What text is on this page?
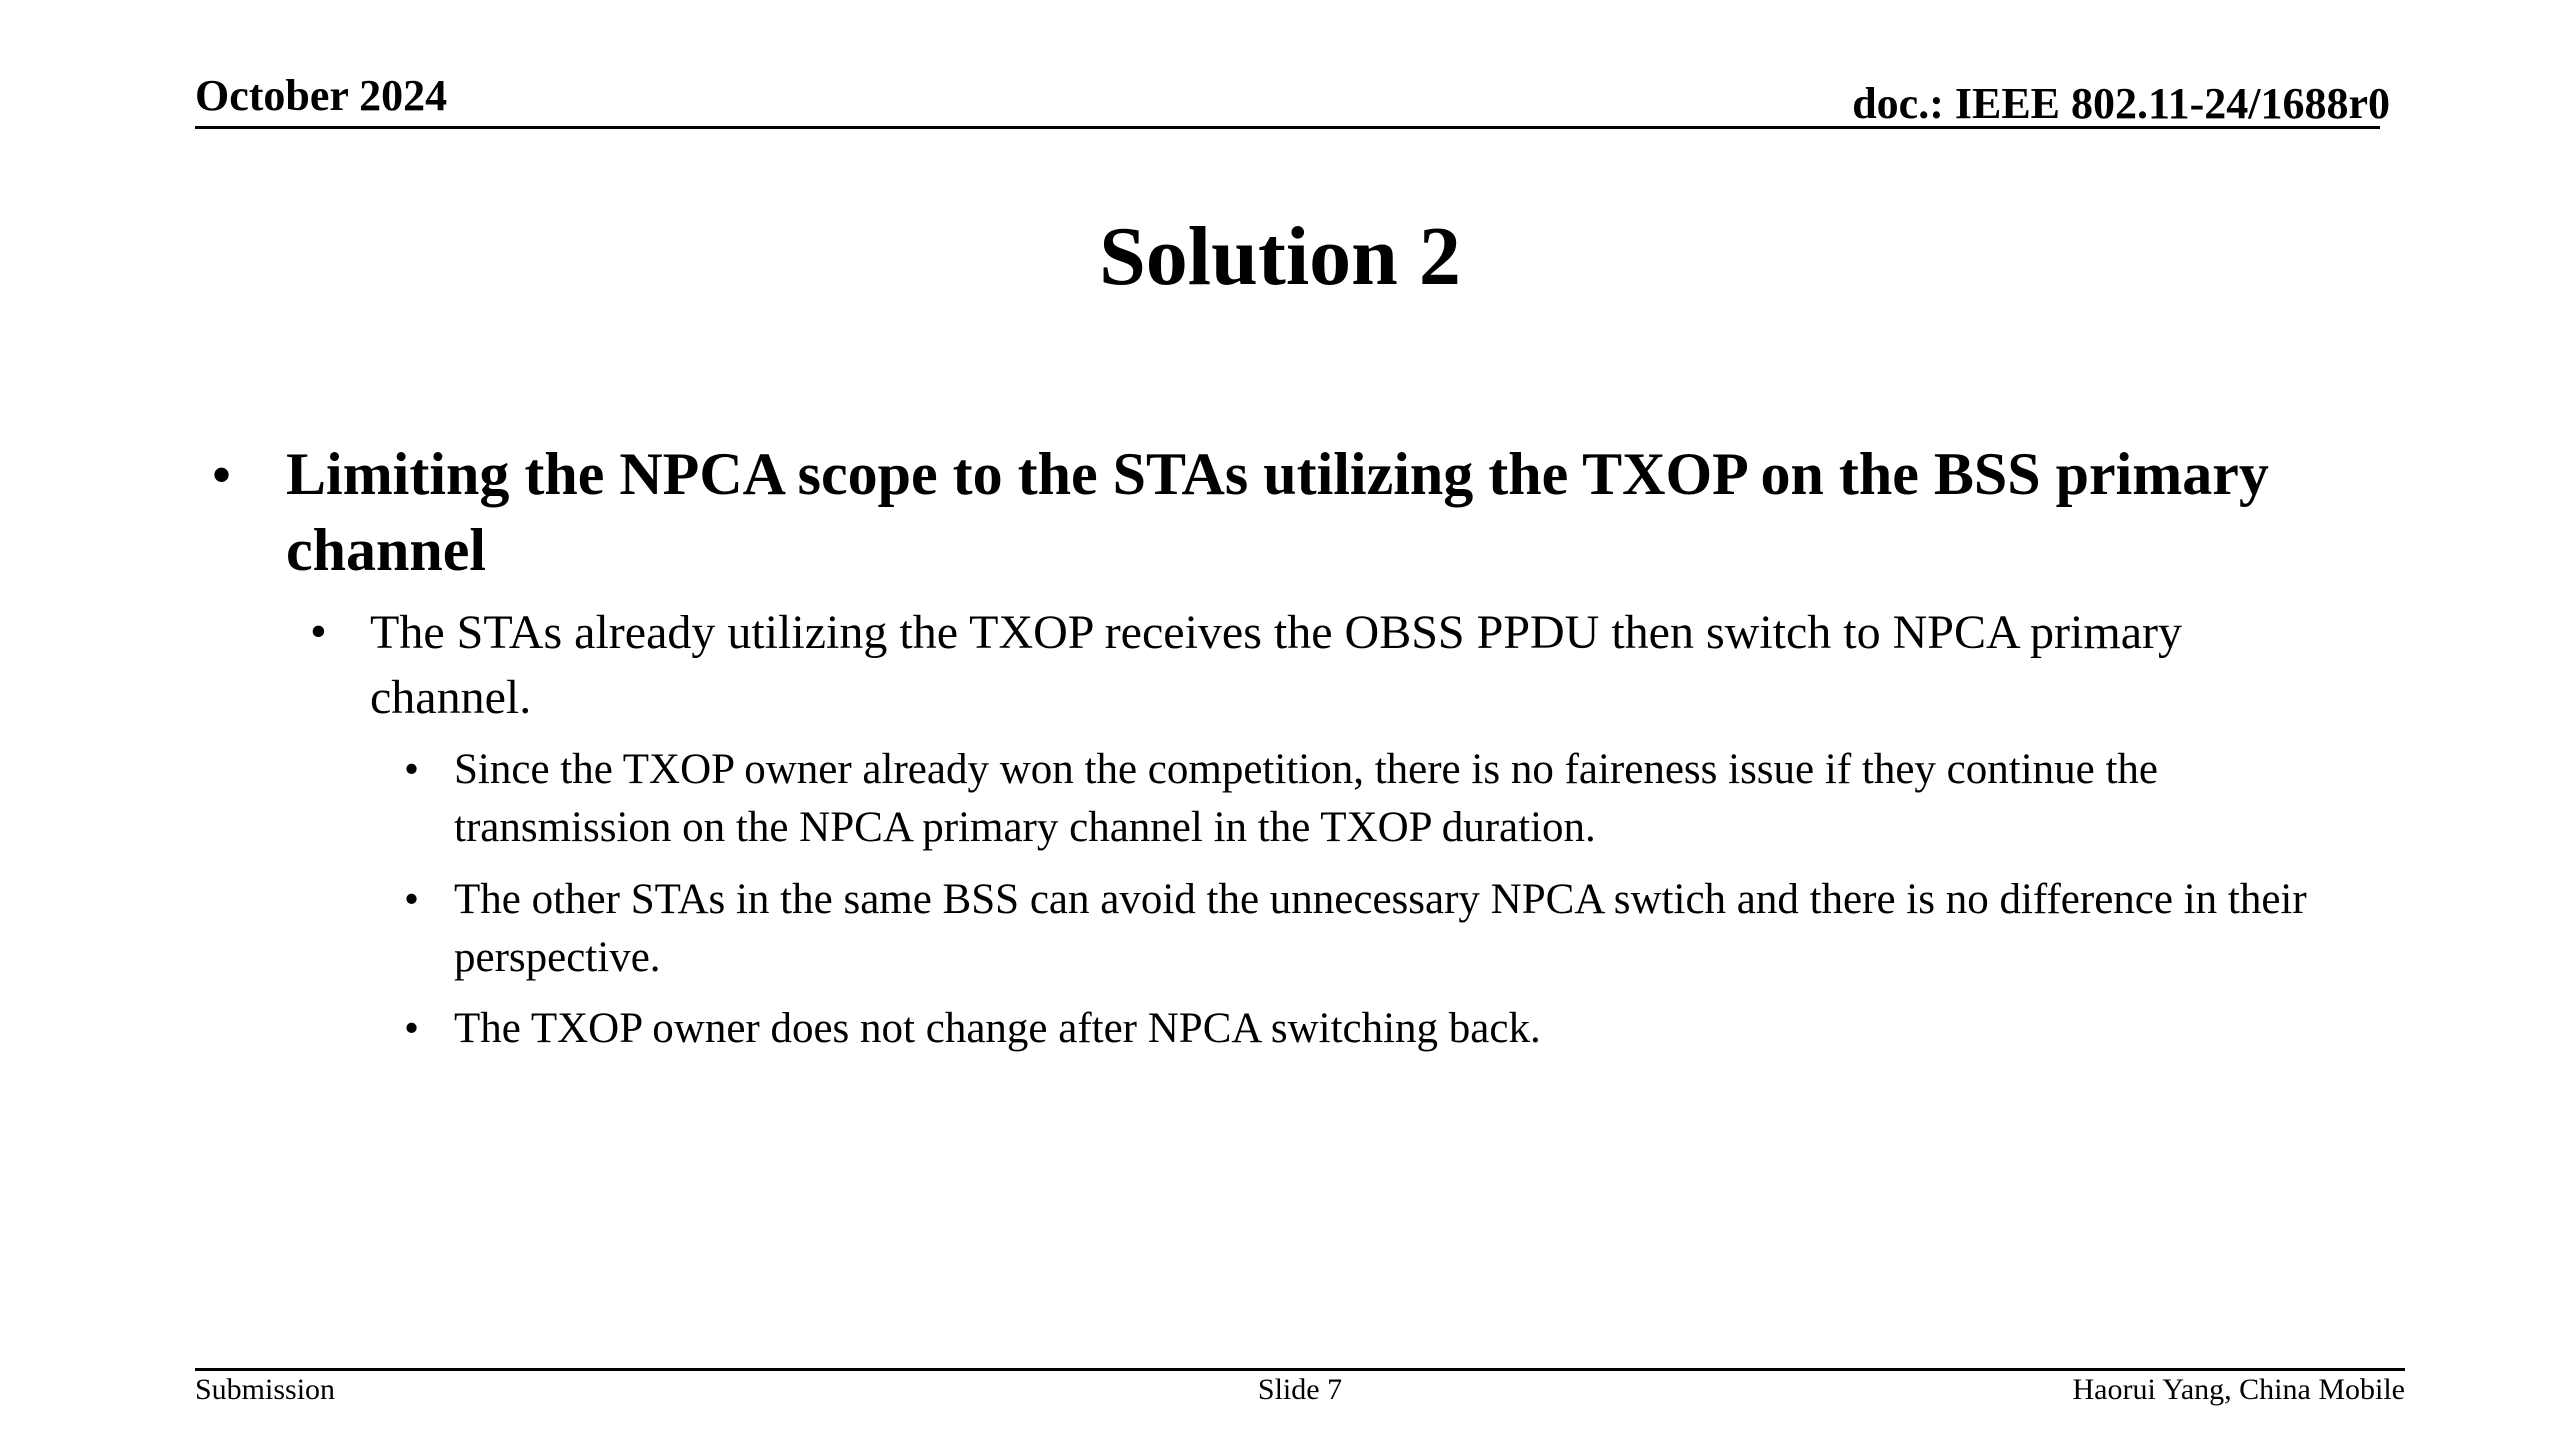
October 2024	doc.: IEEE 802.11-24/1688r0
Solution 2
• Limiting the NPCA scope to the STAs utilizing the TXOP on the BSS primary channel
• The STAs already utilizing the TXOP receives the OBSS PPDU then switch to NPCA primary channel.
• Since the TXOP owner already won the competition, there is no faireness issue if they continue the transmission on the NPCA primary channel in the TXOP duration.
• The other STAs in the same BSS can avoid the unnecessary NPCA swtich and there is no difference in their perspective.
• The TXOP owner does not change after NPCA switching back.
Submission	Slide 7	Haorui Yang, China Mobile
